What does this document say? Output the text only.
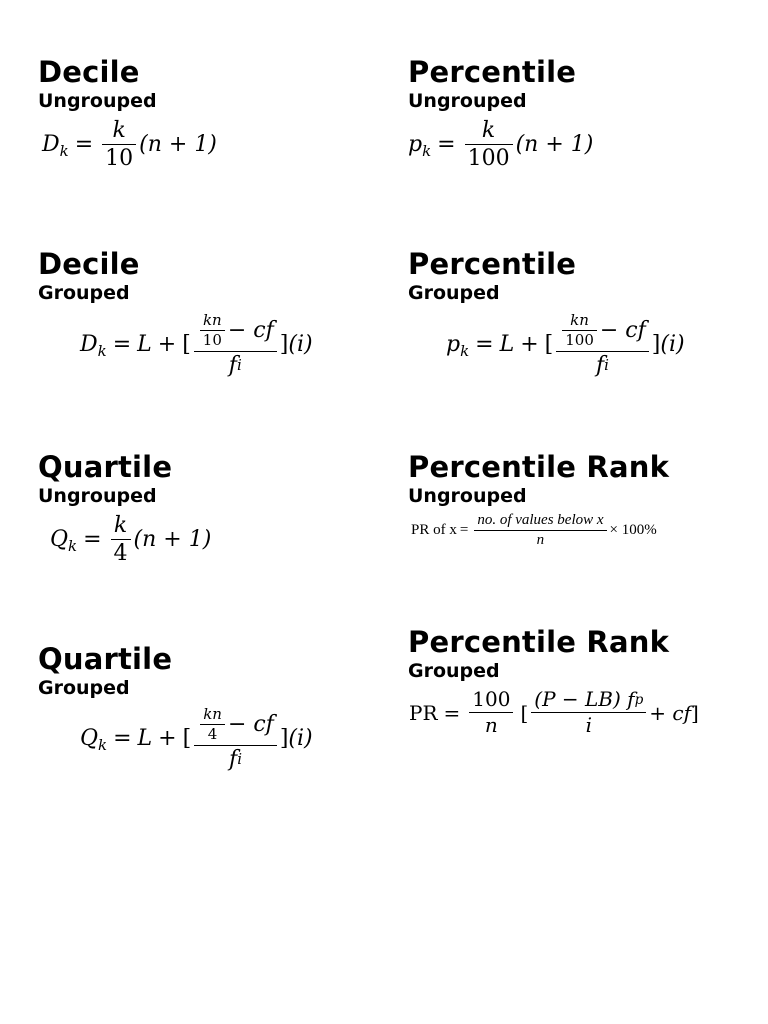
Decile
Ungrouped
$D_k = \frac{k}{10} (n + 1)$
Percentile
Ungrouped
$p_k = \frac{k}{100} (n + 1)$
Decile
Grouped
$D_k = L$ + [ $\frac{\frac{kn}{10} - cf}{\text{f i}}$ ] (i)
Percentile
Grouped
$p_k = L$ + [ $\frac{\frac{kn}{100} - cf}{\text{f i}}$ ] (i)
Quartile
Ungrouped
$Q_k = \frac{k}{4} (n + 1)$
Percentile Rank
Ungrouped
PR of $x = \frac{\text{no. of values below x}}{n} \times 100\%$
Quartile
Grouped
$Q_k = L$ + [ $\frac{\frac{kn}{4} - cf}{\text{f i}}$ ] (i)
Percentile Rank
Grouped
PR = $\frac{100}{n}$ [ $\frac{\text{(P − LB) f p}}{i}$ + cf ]
